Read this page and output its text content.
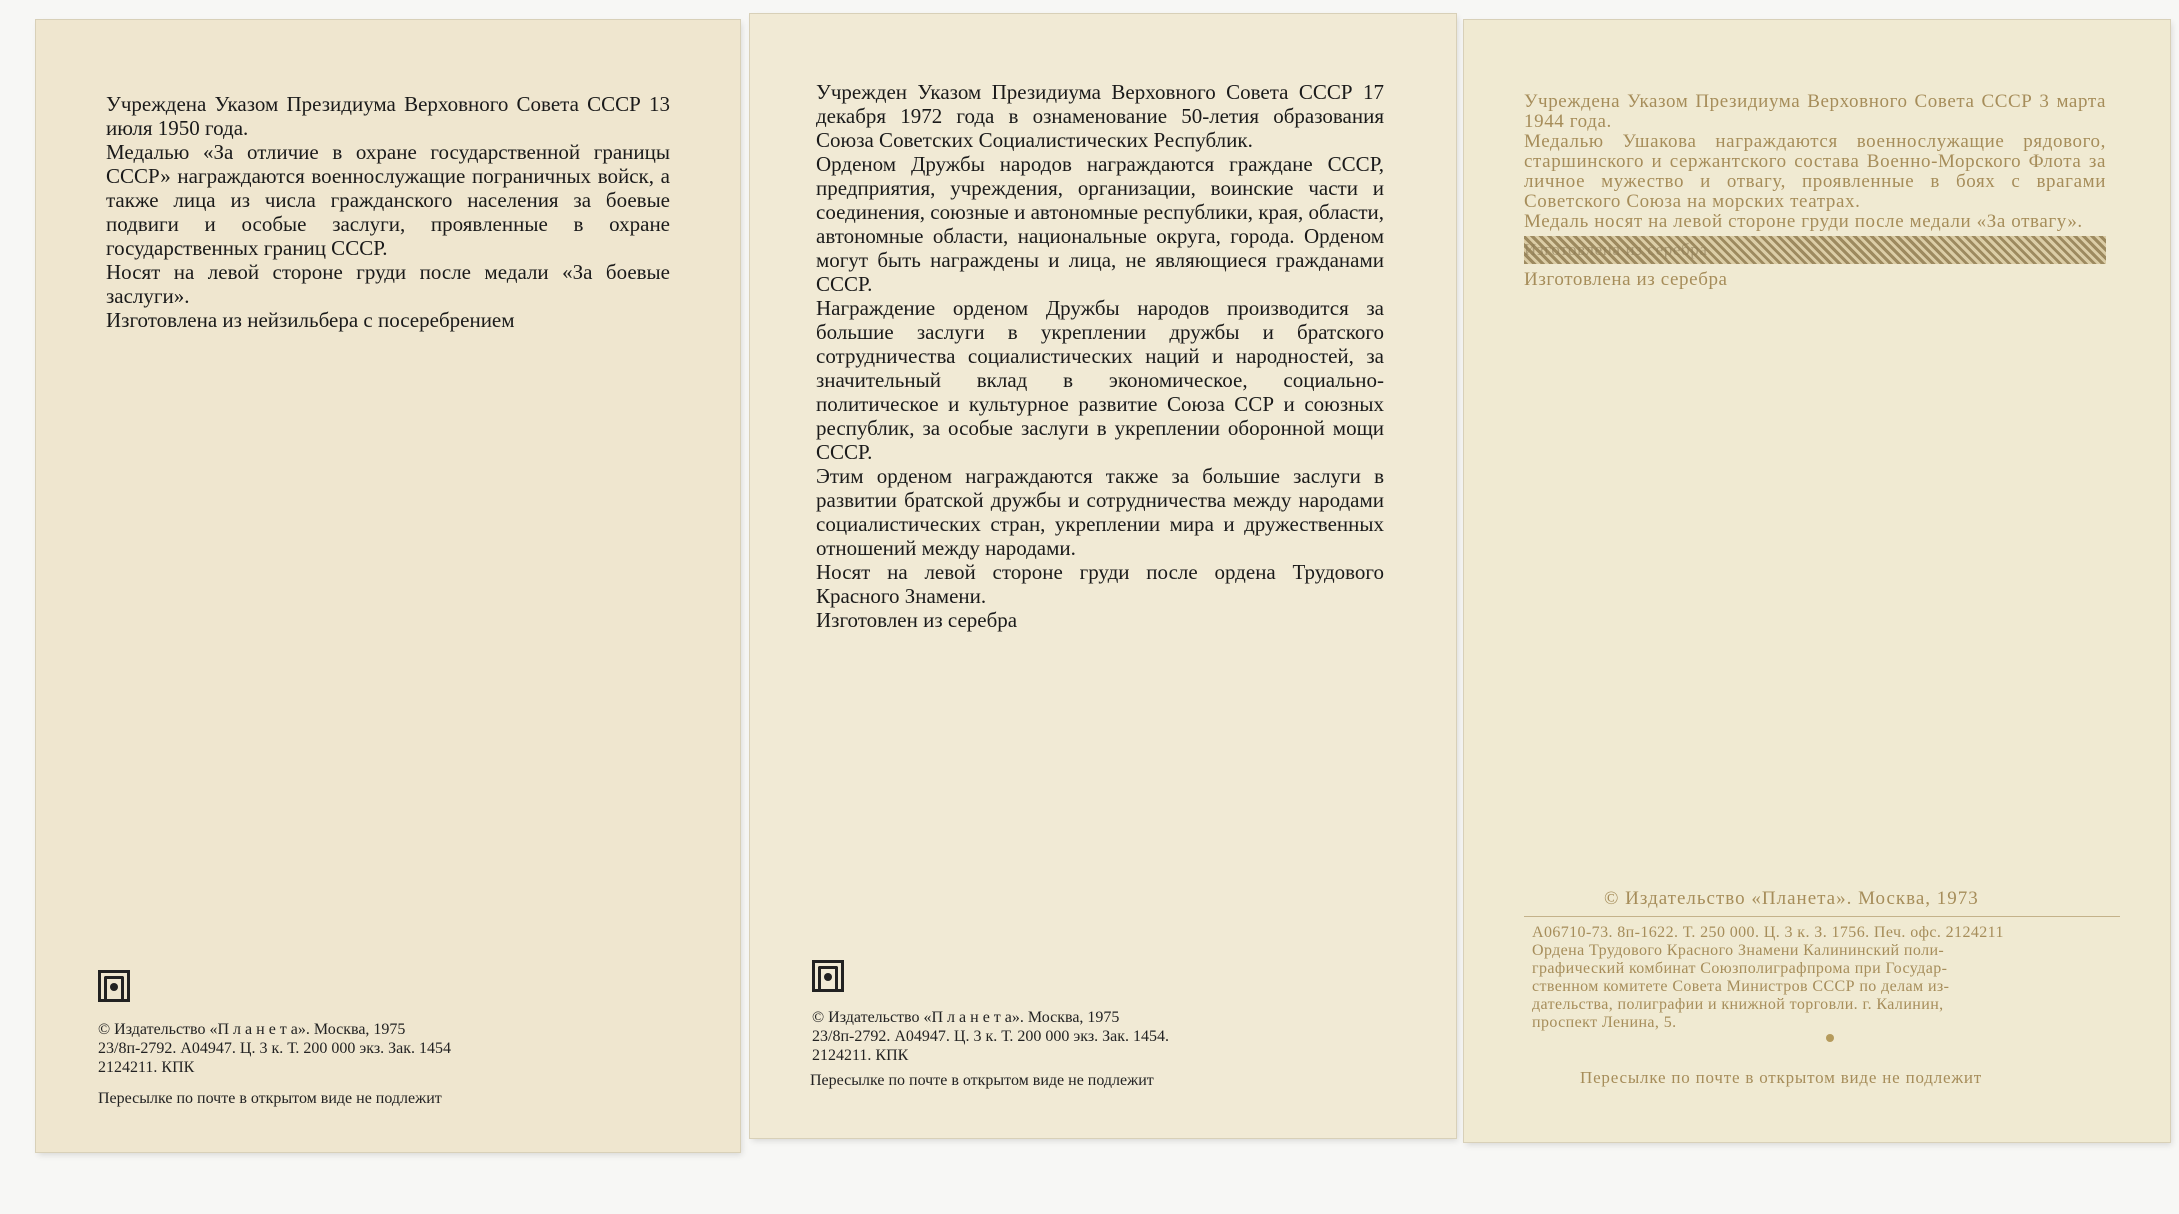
Учреждена Указом Президиума Верховного Совета СССР 13 июля 1950 года.

Медалью «За отличие в охране государственной границы СССР» награждаются военнослужащие пограничных войск, а также лица из числа гражданского населения за боевые подвиги и особые заслуги, проявленные в охране государственных границ СССР.

Носят на левой стороне груди после медали «За боевые заслуги».

Изготовлена из нейзильбера с посеребрением

© Издательство «П л а н е т а». Москва, 1975
23/8п-2792. А04947. Ц. 3 к. Т. 200 000 экз. Зак. 1454
2124211. КПК
Пересылке по почте в открытом виде не подлежит

Учрежден Указом Президиума Верховного Совета СССР 17 декабря 1972 года в ознаменование 50-летия образования Союза Советских Социалистических Республик.

Орденом Дружбы народов награждаются граждане СССР, предприятия, учреждения, организации, воинские части и соединения, союзные и автономные республики, края, области, автономные области, национальные округа, города. Орденом могут быть награждены и лица, не являющиеся гражданами СССР.

Награждение орденом Дружбы народов производится за большие заслуги в укреплении дружбы и братского сотрудничества социалистических наций и народностей, за значительный вклад в экономическое, социально-политическое и культурное развитие Союза ССР и союзных республик, за особые заслуги в укреплении оборонной мощи СССР.

Этим орденом награждаются также за большие заслуги в развитии братской дружбы и сотрудничества между народами социалистических стран, укреплении мира и дружественных отношений между народами.

Носят на левой стороне груди после ордена Трудового Красного Знамени.

Изготовлен из серебра

© Издательство «П л а н е т а». Москва, 1975
23/8п-2792. А04947. Ц. 3 к. Т. 200 000 экз. Зак. 1454.
2124211. КПК
Пересылке по почте в открытом виде не подлежит

Учреждена Указом Президиума Верховного Совета СССР 3 марта 1944 года.

Медалью Ушакова награждаются военнослужащие рядового, старшинского и сержантского состава Военно-Морского Флота за личное мужество и отвагу, проявленные в боях с врагами Советского Союза на морских театрах.

Медаль носят на левой стороне груди после медали «За отвагу».

Изготовлена из серебра

Изготовлена из серебра

© Издательство «Планета». Москва, 1973
А06710-73. 8п-1622. Т. 250 000. Ц. 3 к. З. 1756. Печ. офс. 2124211
Ордена Трудового Красного Знамени Калининский поли-
графический комбинат Союзполиграфпрома при Государ-
ственном комитете Совета Министров СССР по делам из-
дательства, полиграфии и книжной торговли. г. Калинин,
проспект Ленина, 5.
Пересылке по почте в открытом виде не подлежит
